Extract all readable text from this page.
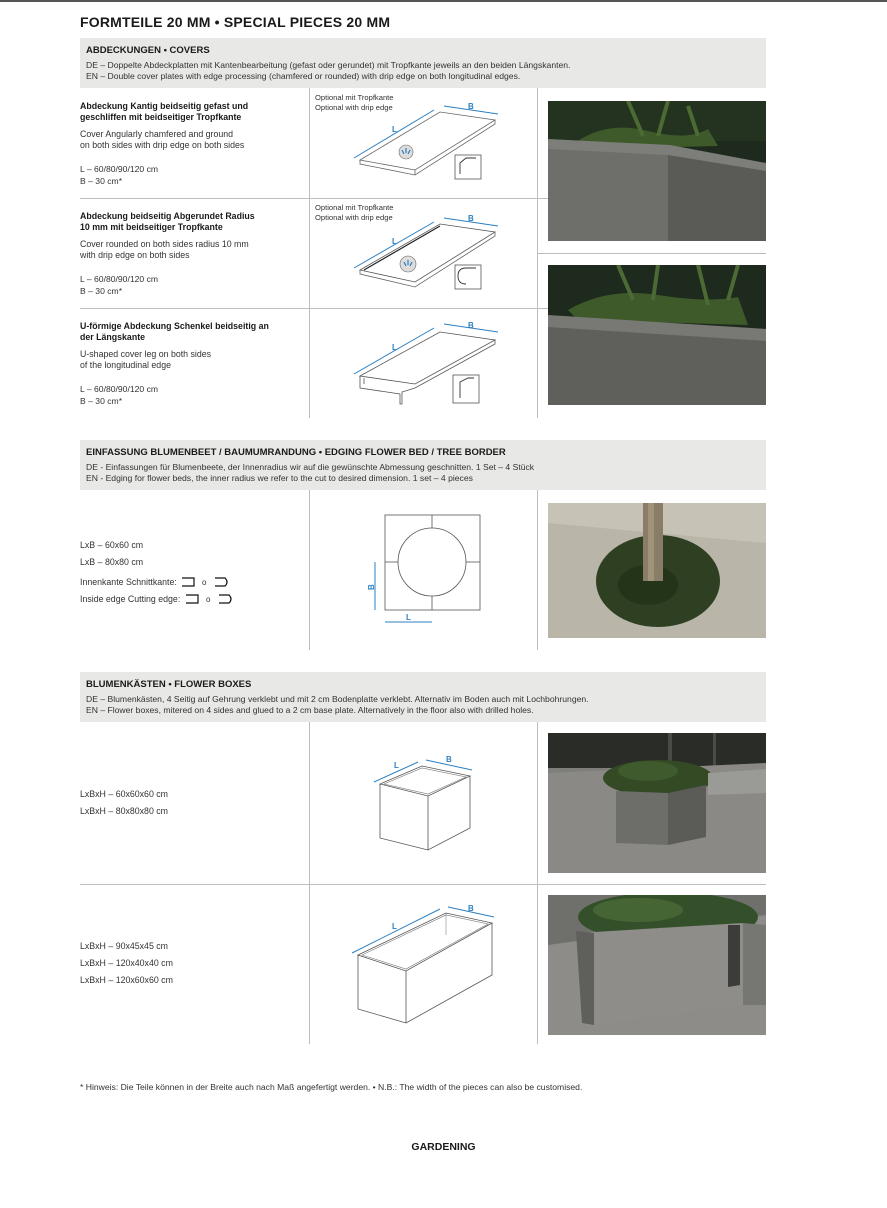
FORMTEILE 20 MM • SPECIAL PIECES 20 MM
ABDECKUNGEN • COVERS
DE – Doppelte Abdeckplatten mit Kantenbearbeitung (gefast oder gerundet) mit Tropfkante jeweils an den beiden Längskanten.
EN – Double cover plates with edge processing (chamfered or rounded) with drip edge on both longitudinal edges.
Abdeckung Kantig beidseitig gefast und
geschliffen mit beidseitiger Tropfkante
Cover Angularly chamfered and ground
on both sides with drip edge on both sides
L – 60/80/90/120 cm
B – 30 cm*
Optional mit Tropfkante
Optional with drip edge
L
B
Abdeckung beidseitig Abgerundet Radius
10 mm mit beidseitiger Tropfkante
Cover rounded on both sides radius 10 mm
with drip edge on both sides
L – 60/80/90/120 cm
B – 30 cm*
Optional mit Tropfkante
Optional with drip edge
L
B
U-förmige Abdeckung Schenkel beidseitig an
der Längskante
U-shaped cover leg on both sides
of the longitudinal edge
L – 60/80/90/120 cm
B – 30 cm*
L
B
EINFASSUNG BLUMENBEET / BAUMUMRANDUNG • EDGING FLOWER BED / TREE BORDER
DE - Einfassungen für Blumenbeete, der Innenradius wir auf die gewünschte Abmessung geschnitten. 1 Set – 4 Stück
EN - Edging for flower beds, the inner radius we refer to the cut to desired dimension. 1 set – 4 pieces
LxB – 60x60 cm
LxB – 80x80 cm
Innenkante Schnittkante:	o
Inside edge Cutting edge:	o
B
L
BLUMENKÄSTEN • FLOWER BOXES
DE – Blumenkästen, 4 Seitig auf Gehrung verklebt und mit 2 cm Bodenplatte verklebt. Alternativ im Boden auch mit Lochbohrungen.
EN – Flower boxes, mitered on 4 sides and glued to a 2 cm base plate. Alternatively in the floor also with drilled holes.
LxBxH – 60x60x60 cm
LxBxH – 80x80x80 cm
L
B
LxBxH – 90x45x45 cm
LxBxH – 120x40x40 cm
LxBxH – 120x60x60 cm
L
B
* Hinweis: Die Teile können in der Breite auch nach Maß angefertigt werden. • N.B.: The width of the pieces can also be customised.
GARDENING
